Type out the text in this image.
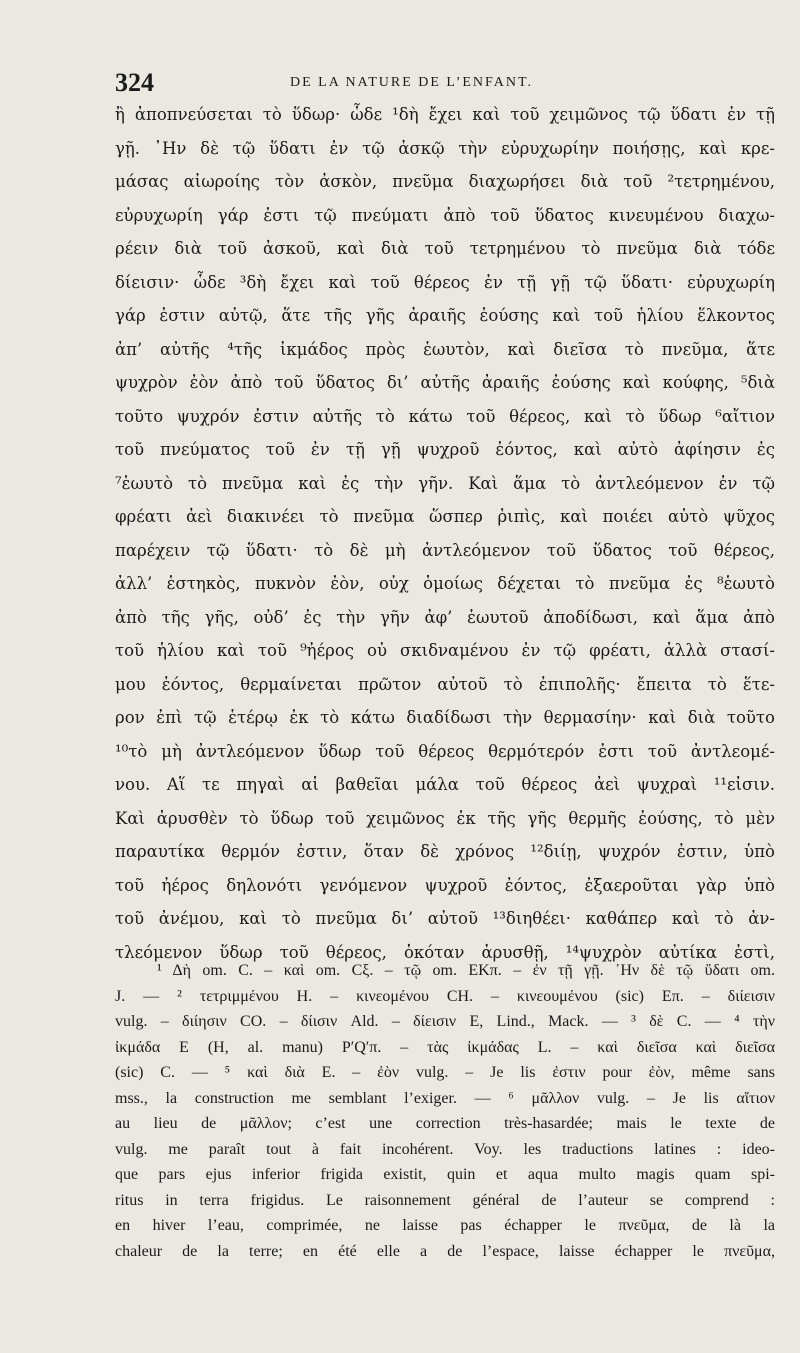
324	DE LA NATURE DE L’ENFANT.
ἢ ἀποπνεύσεται τὸ ὕδωρ· ὧδε ¹δὴ ἔχει καὶ τοῦ χειμῶνος τῷ ὕδατι ἐν τῇ
γῇ. ᾿Ην δὲ τῷ ὕδατι ἐν τῷ ἀσκῷ τὴν εὐρυχωρίην ποιήσῃς, καὶ κρε-
μάσας αἰωροίης τὸν ἀσκὸν, πνεῦμα διαχωρήσει διὰ τοῦ ²τετρημένου,
εὐρυχωρίη γάρ ἐστι τῷ πνεύματι ἀπὸ τοῦ ὕδατος κινευμένου διαχω-
ρέειν διὰ τοῦ ἀσκοῦ, καὶ διὰ τοῦ τετρημένου τὸ πνεῦμα διὰ τόδε
δίεισιν· ὧδε ³δὴ ἔχει καὶ τοῦ θέρεος ἐν τῇ γῇ τῷ ὕδατι· εὐρυχωρίη
γάρ ἐστιν αὐτῷ, ἅτε τῆς γῆς ἀραιῆς ἐούσης καὶ τοῦ ἡλίου ἕλκοντος
ἀπ’ αὐτῆς ⁴τῆς ἰκμάδος πρὸς ἑωυτὸν, καὶ διεῖσα τὸ πνεῦμα, ἅτε
ψυχρὸν ἐὸν ἀπὸ τοῦ ὕδατος δι’ αὐτῆς ἀραιῆς ἐούσης καὶ κούφης, ⁵διὰ
τοῦτο ψυχρόν ἐστιν αὐτῆς τὸ κάτω τοῦ θέρεος, καὶ τὸ ὕδωρ ⁶αἴτιον
τοῦ πνεύματος τοῦ ἐν τῇ γῇ ψυχροῦ ἐόντος, καὶ αὐτὸ ἀφίησιν ἐς
⁷ἑωυτὸ τὸ πνεῦμα καὶ ἐς τὴν γῆν. Καὶ ἅμα τὸ ἀντλεόμενον ἐν τῷ
φρέατι ἀεὶ διακινέει τὸ πνεῦμα ὥσπερ ῥιπὶς, καὶ ποιέει αὐτὸ ψῦχος
παρέχειν τῷ ὕδατι· τὸ δὲ μὴ ἀντλεόμενον τοῦ ὕδατος τοῦ θέρεος,
ἀλλ’ ἑστηκὸς, πυκνὸν ἐὸν, οὐχ ὁμοίως δέχεται τὸ πνεῦμα ἐς ⁸ἑωυτὸ
ἀπὸ τῆς γῆς, οὐδ’ ἐς τὴν γῆν ἀφ’ ἑωυτοῦ ἀποδίδωσι, καὶ ἅμα ἀπὸ
τοῦ ἡλίου καὶ τοῦ ⁹ἠέρος οὐ σκιδναμένου ἐν τῷ φρέατι, ἀλλὰ στασί-
μου ἐόντος, θερμαίνεται πρῶτον αὐτοῦ τὸ ἐπιπολῆς· ἔπειτα τὸ ἕτε-
ρον ἐπὶ τῷ ἑτέρῳ ἐκ τὸ κάτω διαδίδωσι τὴν θερμασίην· καὶ διὰ τοῦτο
¹⁰τὸ μὴ ἀντλεόμενον ὕδωρ τοῦ θέρεος θερμότερόν ἐστι τοῦ ἀντλεομέ-
νου. Αἵ τε πηγαὶ αἱ βαθεῖαι μάλα τοῦ θέρεος ἀεὶ ψυχραὶ ¹¹εἰσιν.
Καὶ ἀρυσθὲν τὸ ὕδωρ τοῦ χειμῶνος ἐκ τῆς γῆς θερμῆς ἐούσης, τὸ μὲν
παραυτίκα θερμόν ἐστιν, ὅταν δὲ χρόνος ¹²διίῃ, ψυχρόν ἐστιν, ὑπὸ
τοῦ ἠέρος δηλονότι γενόμενον ψυχροῦ ἐόντος, ἐξαεροῦται γὰρ ὑπὸ
τοῦ ἀνέμου, καὶ τὸ πνεῦμα δι’ αὐτοῦ ¹³διηθέει· καθάπερ καὶ τὸ ἀν-
τλεόμενον ὕδωρ τοῦ θέρεος, ὁκόταν ἀρυσθῇ, ¹⁴ψυχρὸν αὐτίκα ἐστὶ,
¹ Δὴ om. C. – καὶ om. Cξ. – τῷ om. EKπ. – ἐν τῇ γῇ. ᾿Ην δὲ τῷ ὕδατι om.
J. — ² τετριμμένου H. – κινεομένου CH. – κινεουμένου (sic) Eπ. – διίεισιν
vulg. – διίησιν CO. – δίισιν Ald. – δίεισιν E, Lind., Mack. — ³ δὲ C. — ⁴ τὴν
ἰκμάδα E (H, al. manu) P′Q′π. – τὰς ἰκμάδας L. – καὶ διεῖσα καὶ διεῖσα
(sic) C. — ⁵ καὶ διὰ E. – ἐὸν vulg. – Je lis ἐστιν pour ἐὸν, même sans
mss., la construction me semblant l’exiger. — ⁶ μᾶλλον vulg. – Je lis αἴτιον
au lieu de μᾶλλον; c’est une correction très-hasardée; mais le texte de
vulg. me paraît tout à fait incohérent. Voy. les traductions latines : ideo-
que pars ejus inferior frigida existit, quin et aqua multo magis quam spi-
ritus in terra frigidus. Le raisonnement général de l’auteur se comprend :
en hiver l’eau, comprimée, ne laisse pas échapper le πνεῦμα, de là la
chaleur de la terre; en été elle a de l’espace, laisse échapper le πνεῦμα,
